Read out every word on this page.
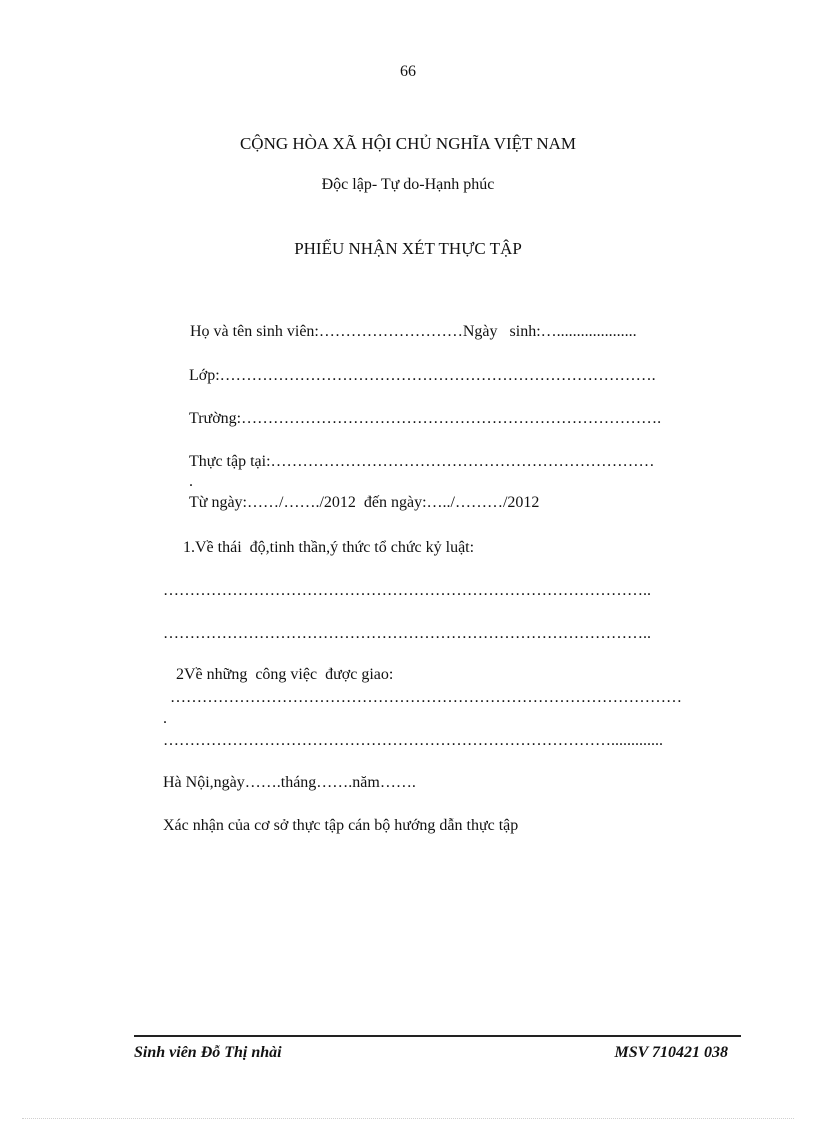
66
CỘNG HÒA XÃ HỘI CHỦ NGHĨA VIỆT NAM
Độc lập- Tự do-Hạnh phúc
PHIẾU NHẬN XÉT THỰC TẬP
Họ và tên sinh viên:………………………Ngày   sinh:…....................
Lớp:……………………………………………………………………….
Trường:…………………………………………………………………….
Thực tập tại:………………………………………………………………
.
Từ ngày:……/……./2012  đến ngày:…../………/2012
1.Về thái  độ,tinh thần,ý thức tổ chức kỷ luật:
………………………………………………………………………………..
………………………………………………………………………………..
2Về những  công việc  được giao:
……………………………………………………………………………………
.
………………………………………………………………………….............
Hà Nội,ngày…….tháng…….năm…….
Xác nhận của cơ sở thực tập cán bộ hướng dẫn thực tập
Sinh viên Đỗ Thị nhài	MSV 710421 038
